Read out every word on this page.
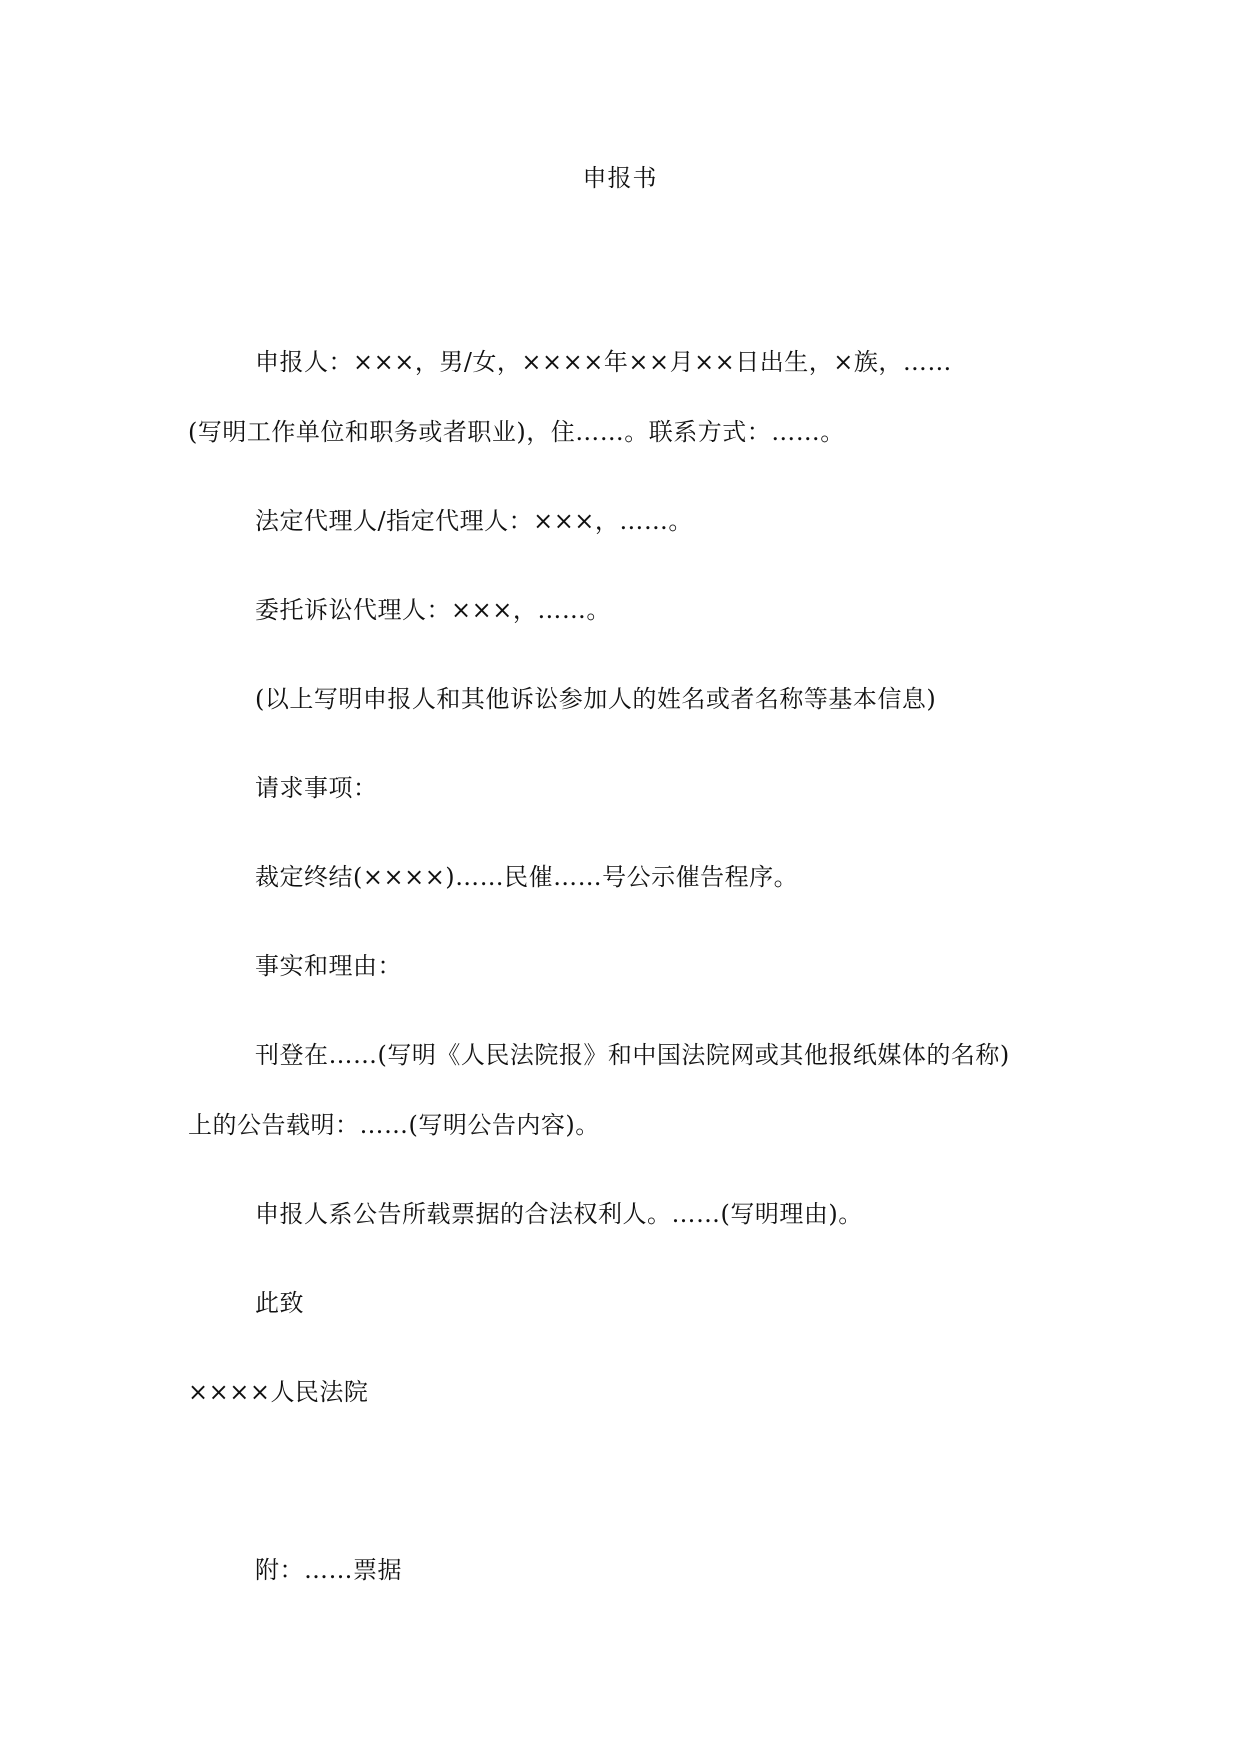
申报书
申报人：×××，男/女，××××年××月××日出生，×族，……
(写明工作单位和职务或者职业)，住……。联系方式：……。
法定代理人/指定代理人：×××，……。
委托诉讼代理人：×××，……。
(以上写明申报人和其他诉讼参加人的姓名或者名称等基本信息)
请求事项：
裁定终结(××××)……民催……号公示催告程序。
事实和理由：
刊登在……(写明《人民法院报》和中国法院网或其他报纸媒体的名称)
上的公告载明：……(写明公告内容)。
申报人系公告所载票据的合法权利人。……(写明理由)。
此致
××××人民法院
附：……票据
